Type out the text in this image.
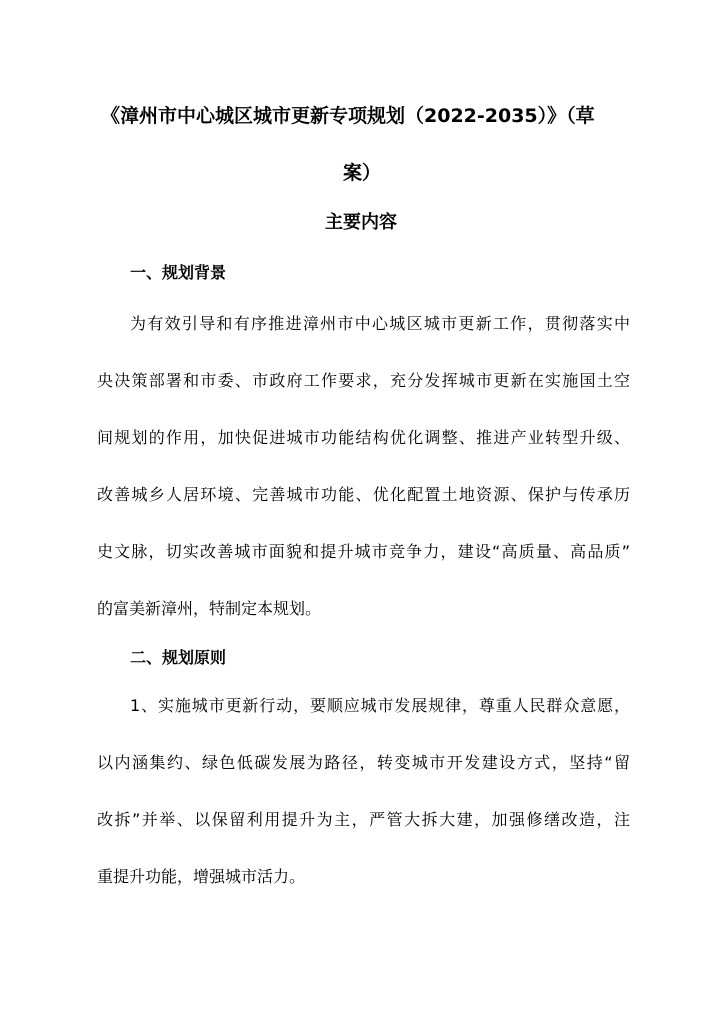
《漳州市中心城区城市更新专项规划（2022-2035）》（草
案）
主要内容
一、规划背景
为有效引导和有序推进漳州市中心城区城市更新工作，贯彻落实中
央决策部署和市委、市政府工作要求，充分发挥城市更新在实施国土空
间规划的作用，加快促进城市功能结构优化调整、推进产业转型升级、
改善城乡人居环境、完善城市功能、优化配置土地资源、保护与传承历
史文脉，切实改善城市面貌和提升城市竞争力，建设“高质量、高品质”
的富美新漳州，特制定本规划。
二、规划原则
1、实施城市更新行动，要顺应城市发展规律，尊重人民群众意愿，
以内涵集约、绿色低碳发展为路径，转变城市开发建设方式，坚持“留
改拆”并举、以保留利用提升为主，严管大拆大建，加强修缮改造，注
重提升功能，增强城市活力。
